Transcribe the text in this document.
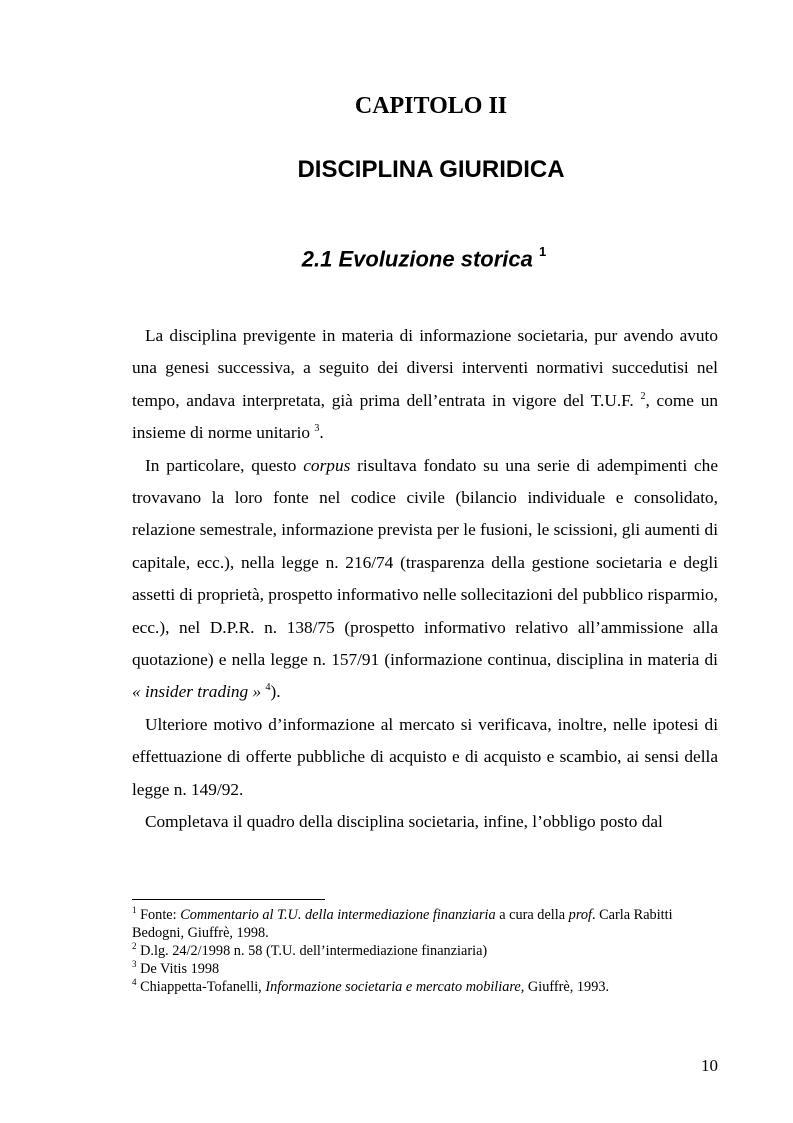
CAPITOLO II
DISCIPLINA GIURIDICA
2.1 Evoluzione storica $^1$

La disciplina previgente in materia di informazione societaria, pur avendo avuto una genesi successiva, a seguito dei diversi interventi normativi succedutisi nel tempo, andava interpretata, già prima dell’entrata in vigore del T.U.F. $^2$, come un insieme di norme unitario $^3$.

In particolare, questo corpus risultava fondato su una serie di adempimenti che trovavano la loro fonte nel codice civile (bilancio individuale e consolidato, relazione semestrale, informazione prevista per le fusioni, le scissioni, gli aumenti di capitale, ecc.), nella legge n. 216/74 (trasparenza della gestione societaria e degli assetti di proprietà, prospetto informativo nelle sollecitazioni del pubblico risparmio, ecc.), nel D.P.R. n. 138/75 (prospetto informativo relativo all’ammissione alla quotazione) e nella legge n. 157/91 (informazione continua, disciplina in materia di « insider trading » $^4$).

Ulteriore motivo d’informazione al mercato si verificava, inoltre, nelle ipotesi di effettuazione di offerte pubbliche di acquisto e di acquisto e scambio, ai sensi della legge n. 149/92.

Completava il quadro della disciplina societaria, infine, l’obbligo posto dal

$^1$ Fonte: Commentario al T.U. della intermediazione finanziaria a cura della prof. Carla Rabitti Bedogni, Giuffrè, 1998.
$^2$ D.lg. 24/2/1998 n. 58 (T.U. dell’intermediazione finanziaria)
$^3$ De Vitis 1998
$^4$ Chiappetta-Tofanelli, Informazione societaria e mercato mobiliare, Giuffrè, 1993.
10
